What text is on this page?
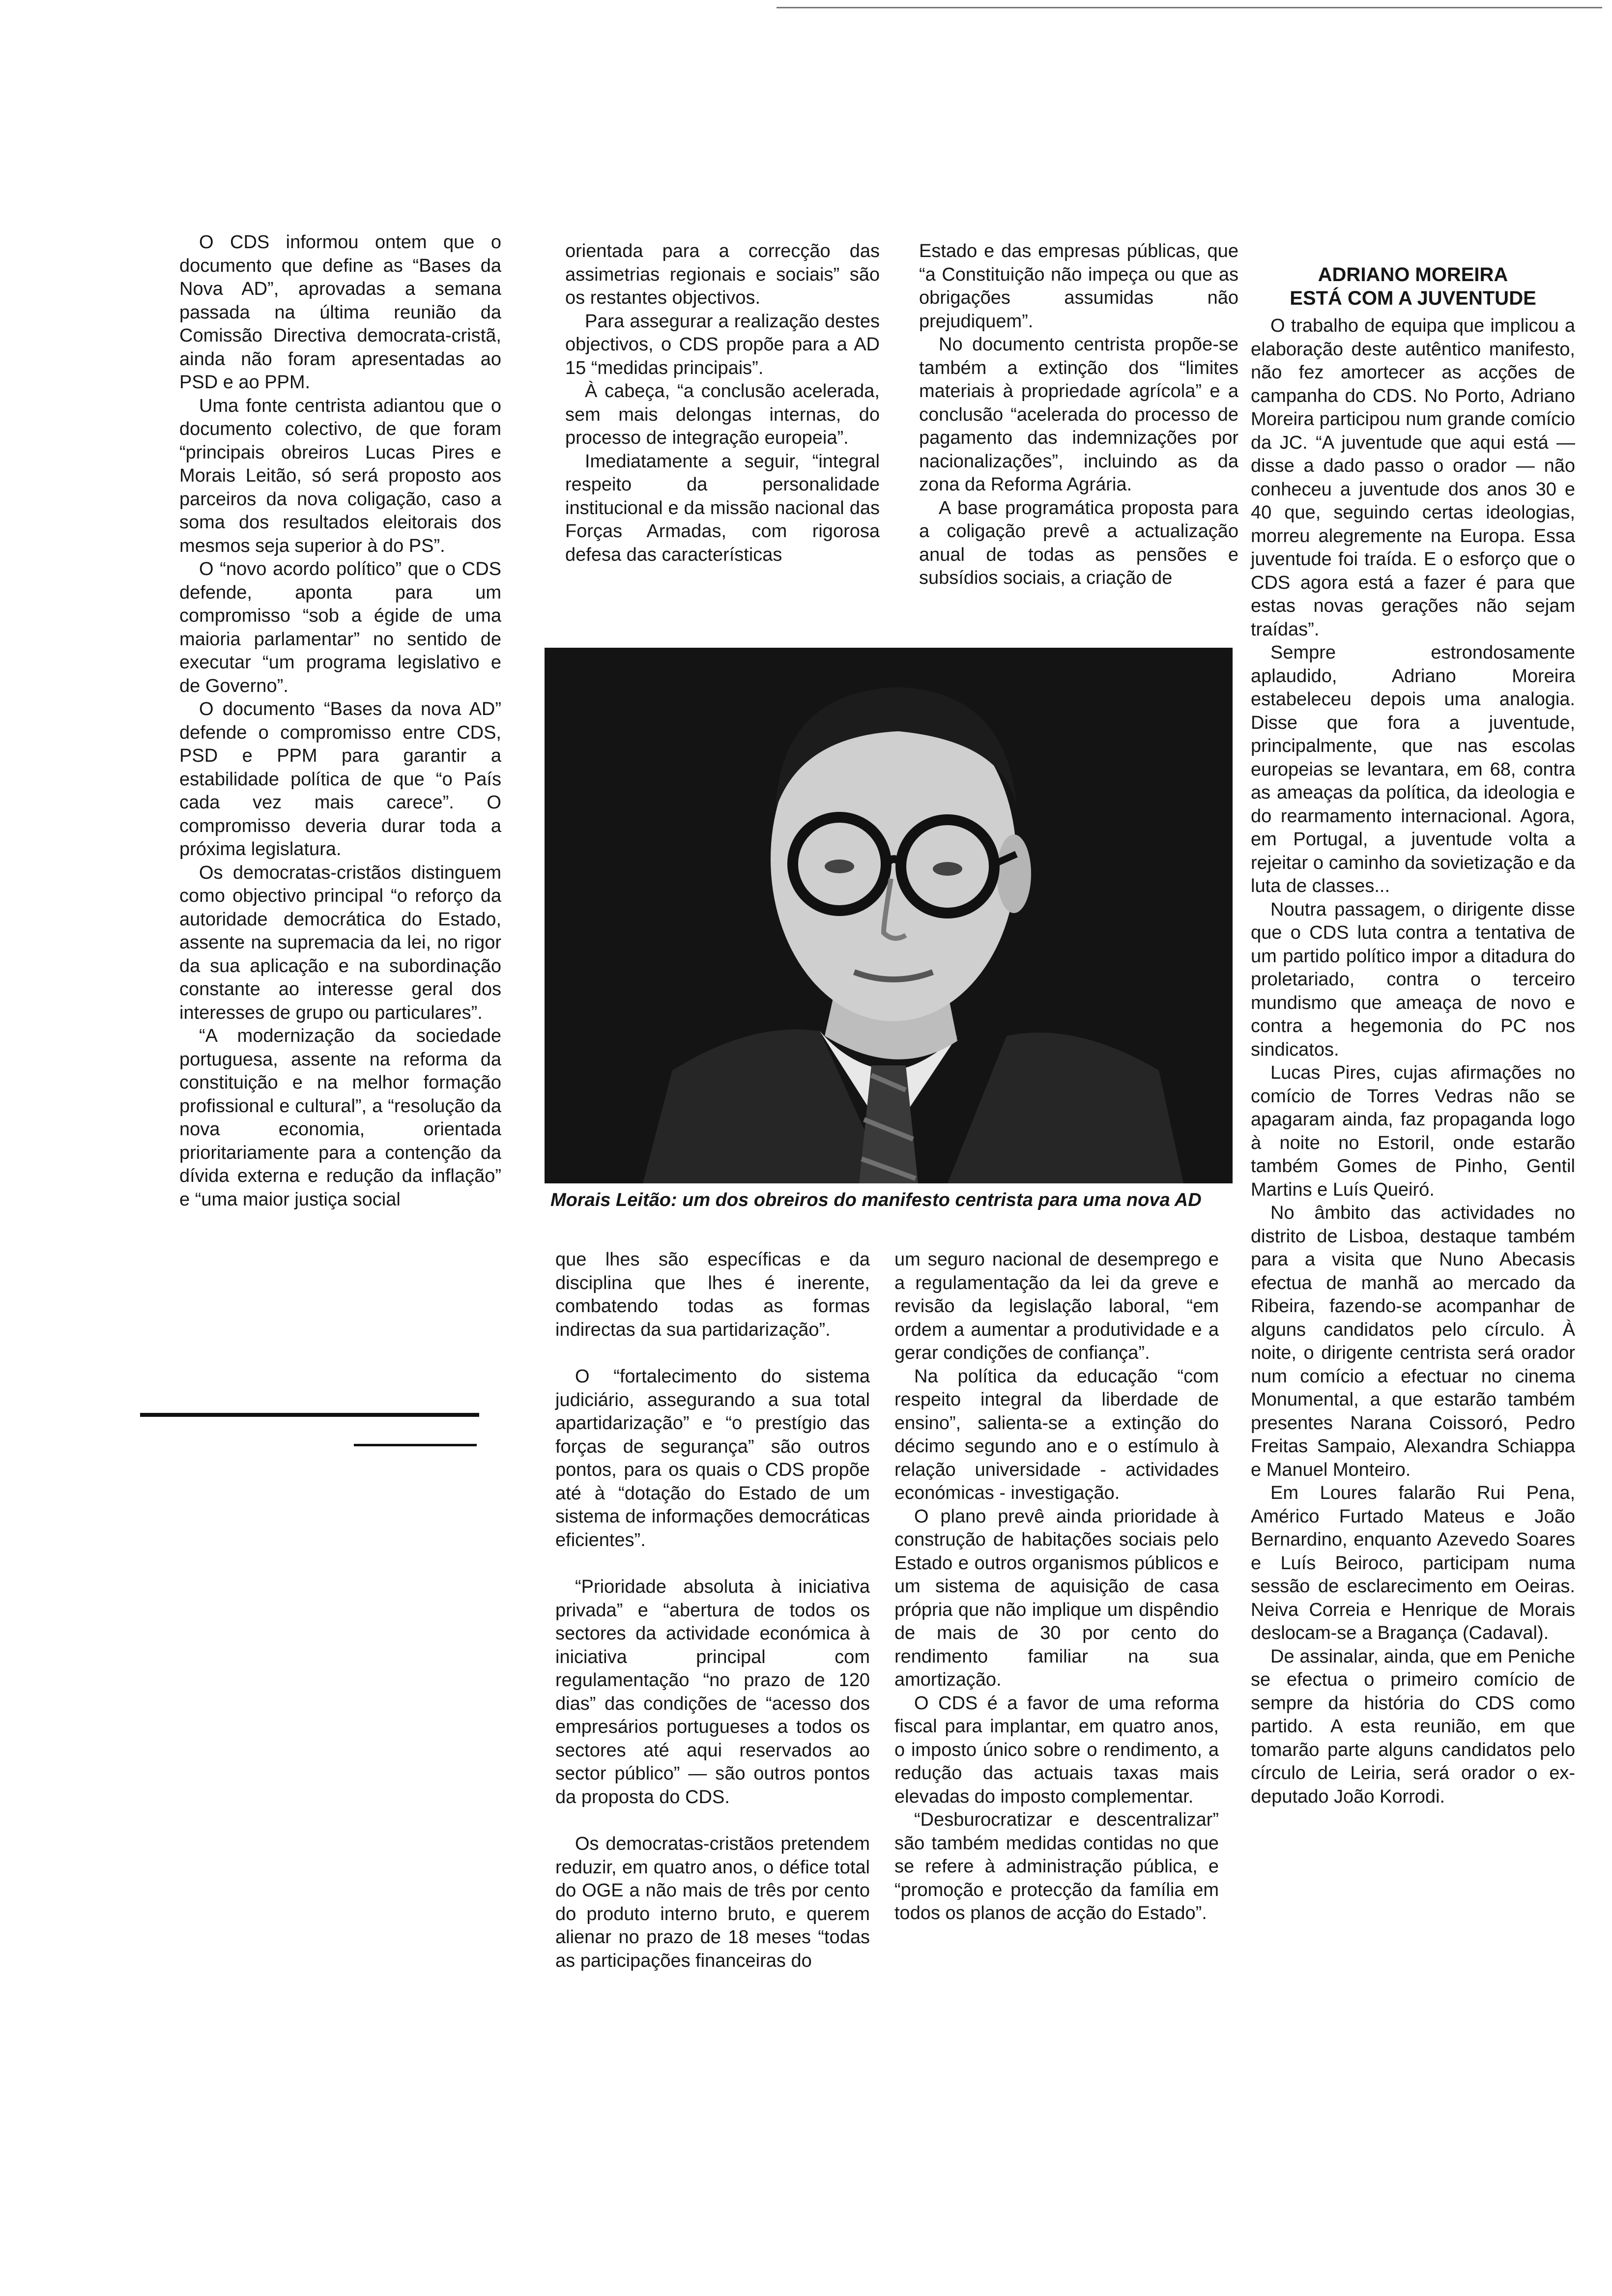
O CDS informou ontem que o documento que define as “Bases da Nova AD”, aprovadas a semana passada na última reunião da Comissão Directiva democrata-cristã, ainda não foram apresentadas ao PSD e ao PPM.

Uma fonte centrista adiantou que o documento colectivo, de que foram “principais obreiros Lucas Pires e Morais Leitão, só será proposto aos parceiros da nova coligação, caso a soma dos resultados eleitorais dos mesmos seja superior à do PS”.

O “novo acordo político” que o CDS defende, aponta para um compromisso “sob a égide de uma maioria parlamentar” no sentido de executar “um programa legislativo e de Governo”.

O documento “Bases da nova AD” defende o compromisso entre CDS, PSD e PPM para garantir a estabilidade política de que “o País cada vez mais carece”. O compromisso deveria durar toda a próxima legislatura.

Os democratas-cristãos distinguem como objectivo principal “o reforço da autoridade democrática do Estado, assente na supremacia da lei, no rigor da sua aplicação e na subordinação constante ao interesse geral dos interesses de grupo ou particulares”.

“A modernização da sociedade portuguesa, assente na reforma da constituição e na melhor formação profissional e cultural”, a “resolução da nova economia, orientada prioritariamente para a contenção da dívida externa e redução da inflação” e “uma maior justiça social

orientada para a correcção das assimetrias regionais e sociais” são os restantes objectivos.

Para assegurar a realização destes objectivos, o CDS propõe para a AD 15 “medidas principais”.

À cabeça, “a conclusão acelerada, sem mais delongas internas, do processo de integração europeia”.

Imediatamente a seguir, “integral respeito da personalidade institucional e da missão nacional das Forças Armadas, com rigorosa defesa das características

Estado e das empresas públicas, que “a Constituição não impeça ou que as obrigações assumidas não prejudiquem”.

No documento centrista propõe-se também a extinção dos “limites materiais à propriedade agrícola” e a conclusão “acelerada do processo de pagamento das indemnizações por nacionalizações”, incluindo as da zona da Reforma Agrária.

A base programática proposta para a coligação prevê a actualização anual de todas as pensões e subsídios sociais, a criação de

Morais Leitão: um dos obreiros do manifesto centrista para uma nova AD

que lhes são específicas e da disciplina que lhes é inerente, combatendo todas as formas indirectas da sua partidarização”.

O “fortalecimento do sistema judiciário, assegurando a sua total apartidarização” e “o prestígio das forças de segurança” são outros pontos, para os quais o CDS propõe até à “dotação do Estado de um sistema de informações democráticas eficientes”.

“Prioridade absoluta à iniciativa privada” e “abertura de todos os sectores da actividade económica à iniciativa principal com regulamentação “no prazo de 120 dias” das condições de “acesso dos empresários portugueses a todos os sectores até aqui reservados ao sector público” — são outros pontos da proposta do CDS.

Os democratas-cristãos pretendem reduzir, em quatro anos, o défice total do OGE a não mais de três por cento do produto interno bruto, e querem alienar no prazo de 18 meses “todas as participações financeiras do

um seguro nacional de desemprego e a regulamentação da lei da greve e revisão da legislação laboral, “em ordem a aumentar a produtividade e a gerar condições de confiança”.

Na política da educação “com respeito integral da liberdade de ensino”, salienta-se a extinção do décimo segundo ano e o estímulo à relação universidade - actividades económicas - investigação.

O plano prevê ainda prioridade à construção de habitações sociais pelo Estado e outros organismos públicos e um sistema de aquisição de casa própria que não implique um dispêndio de mais de 30 por cento do rendimento familiar na sua amortização.

O CDS é a favor de uma reforma fiscal para implantar, em quatro anos, o imposto único sobre o rendimento, a redução das actuais taxas mais elevadas do imposto complementar.

“Desburocratizar e descentralizar” são também medidas contidas no que se refere à administração pública, e “promoção e protecção da família em todos os planos de acção do Estado”.

ADRIANO MOREIRA
ESTÁ COM A JUVENTUDE

O trabalho de equipa que implicou a elaboração deste autêntico manifesto, não fez amortecer as acções de campanha do CDS. No Porto, Adriano Moreira participou num grande comício da JC. “A juventude que aqui está — disse a dado passo o orador — não conheceu a juventude dos anos 30 e 40 que, seguindo certas ideologias, morreu alegremente na Europa. Essa juventude foi traída. E o esforço que o CDS agora está a fazer é para que estas novas gerações não sejam traídas”.

Sempre estrondosamente aplaudido, Adriano Moreira estabeleceu depois uma analogia. Disse que fora a juventude, principalmente, que nas escolas europeias se levantara, em 68, contra as ameaças da política, da ideologia e do rearmamento internacional. Agora, em Portugal, a juventude volta a rejeitar o caminho da sovietização e da luta de classes...

Noutra passagem, o dirigente disse que o CDS luta contra a tentativa de um partido político impor a ditadura do proletariado, contra o terceiro mundismo que ameaça de novo e contra a hegemonia do PC nos sindicatos.

Lucas Pires, cujas afirmações no comício de Torres Vedras não se apagaram ainda, faz propaganda logo à noite no Estoril, onde estarão também Gomes de Pinho, Gentil Martins e Luís Queiró.

No âmbito das actividades no distrito de Lisboa, destaque também para a visita que Nuno Abecasis efectua de manhã ao mercado da Ribeira, fazendo-se acompanhar de alguns candidatos pelo círculo. À noite, o dirigente centrista será orador num comício a efectuar no cinema Monumental, a que estarão também presentes Narana Coissoró, Pedro Freitas Sampaio, Alexandra Schiappa e Manuel Monteiro.

Em Loures falarão Rui Pena, Américo Furtado Mateus e João Bernardino, enquanto Azevedo Soares e Luís Beiroco, participam numa sessão de esclarecimento em Oeiras. Neiva Correia e Henrique de Morais deslocam-se a Bragança (Cadaval).

De assinalar, ainda, que em Peniche se efectua o primeiro comício de sempre da história do CDS como partido. A esta reunião, em que tomarão parte alguns candidatos pelo círculo de Leiria, será orador o ex-deputado João Korrodi.
